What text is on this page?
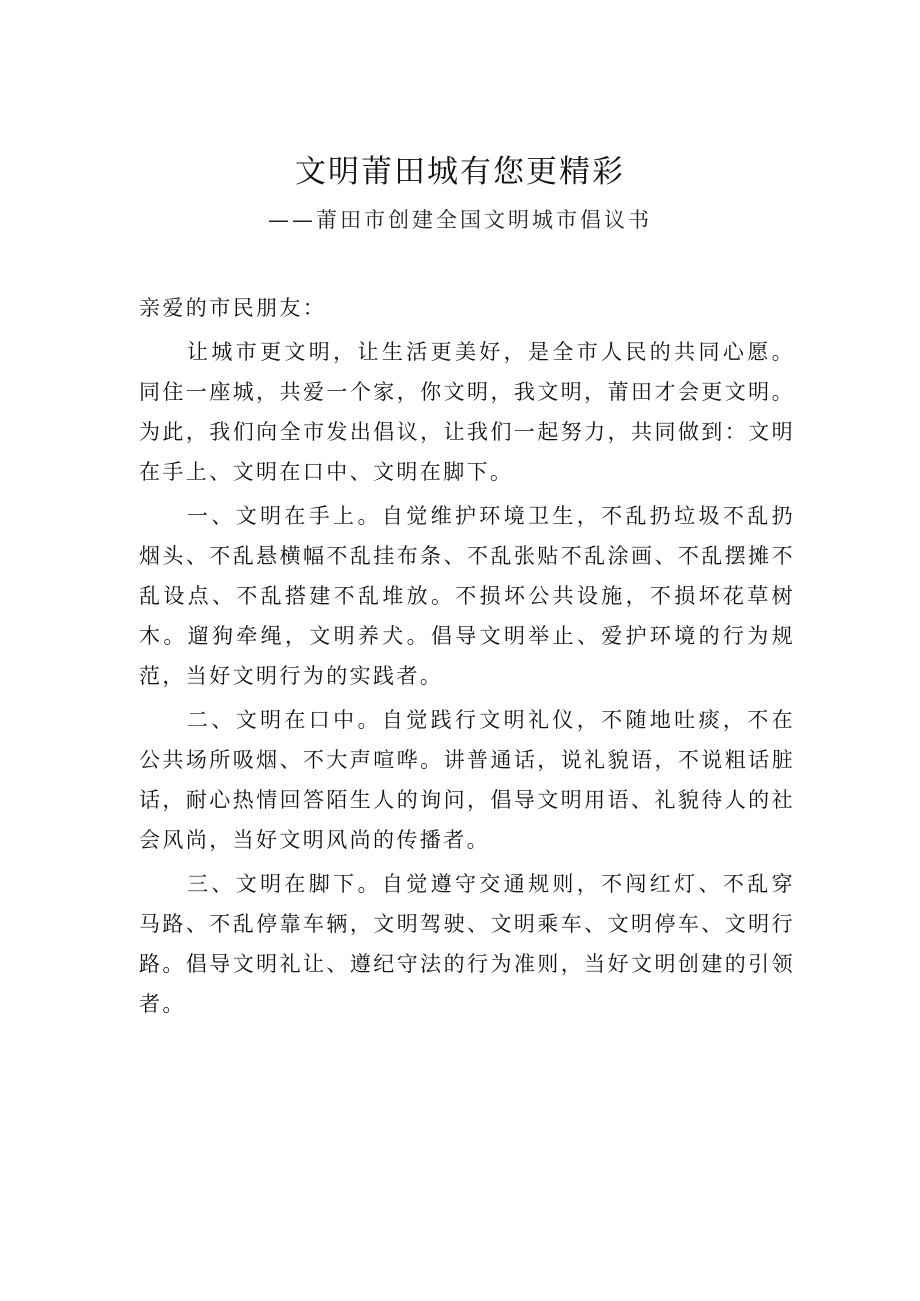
文明莆田城有您更精彩
——莆田市创建全国文明城市倡议书

亲爱的市民朋友：

让城市更文明，让生活更美好，是全市人民的共同心愿。同住一座城，共爱一个家，你文明，我文明，莆田才会更文明。为此，我们向全市发出倡议，让我们一起努力，共同做到：文明在手上、文明在口中、文明在脚下。

一、文明在手上。自觉维护环境卫生，不乱扔垃圾不乱扔烟头、不乱悬横幅不乱挂布条、不乱张贴不乱涂画、不乱摆摊不乱设点、不乱搭建不乱堆放。不损坏公共设施，不损坏花草树木。遛狗牵绳，文明养犬。倡导文明举止、爱护环境的行为规范，当好文明行为的实践者。

二、文明在口中。自觉践行文明礼仪，不随地吐痰，不在公共场所吸烟、不大声喧哗。讲普通话，说礼貌语，不说粗话脏话，耐心热情回答陌生人的询问，倡导文明用语、礼貌待人的社会风尚，当好文明风尚的传播者。

三、文明在脚下。自觉遵守交通规则，不闯红灯、不乱穿马路、不乱停靠车辆，文明驾驶、文明乘车、文明停车、文明行路。倡导文明礼让、遵纪守法的行为准则，当好文明创建的引领者。
